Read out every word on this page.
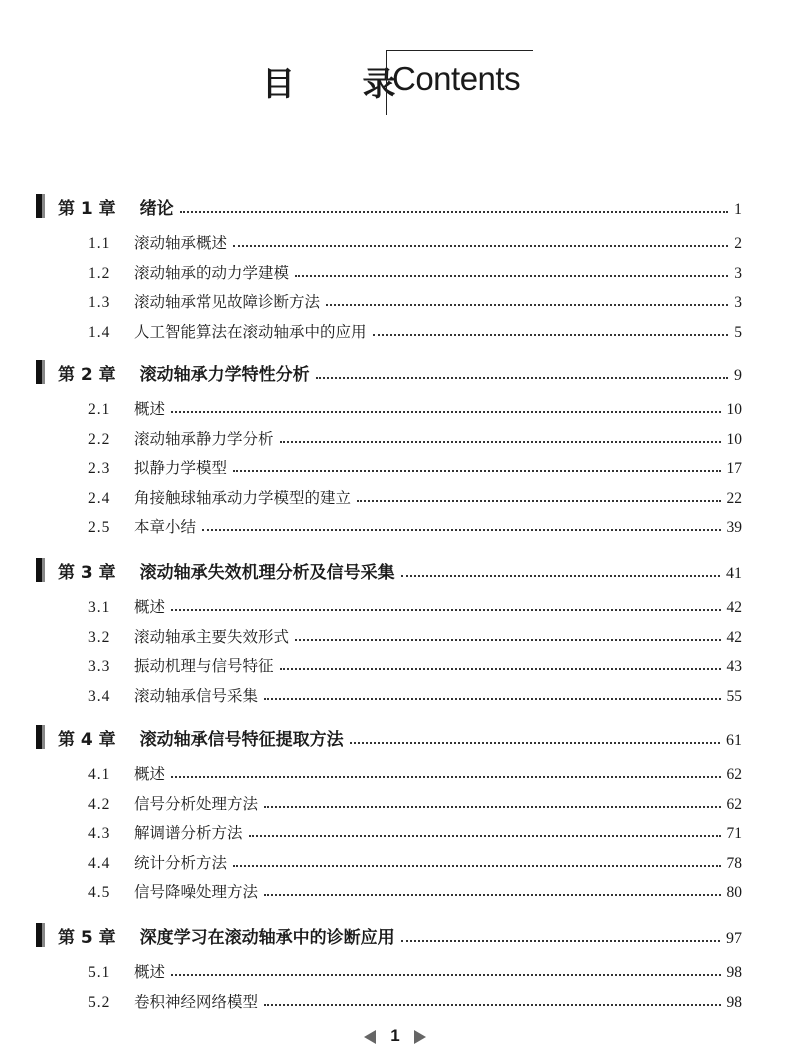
目 录
Contents
第 1 章 绪论	1
1.1	滚动轴承概述	2
1.2	滚动轴承的动力学建模	3
1.3	滚动轴承常见故障诊断方法	3
1.4	人工智能算法在滚动轴承中的应用	5
第 2 章 滚动轴承力学特性分析	9
2.1	概述	10
2.2	滚动轴承静力学分析	10
2.3	拟静力学模型	17
2.4	角接触球轴承动力学模型的建立	22
2.5	本章小结	39
第 3 章 滚动轴承失效机理分析及信号采集	41
3.1	概述	42
3.2	滚动轴承主要失效形式	42
3.3	振动机理与信号特征	43
3.4	滚动轴承信号采集	55
第 4 章 滚动轴承信号特征提取方法	61
4.1	概述	62
4.2	信号分析处理方法	62
4.3	解调谱分析方法	71
4.4	统计分析方法	78
4.5	信号降噪处理方法	80
第 5 章 深度学习在滚动轴承中的诊断应用	97
5.1	概述	98
5.2	卷积神经网络模型	98
1
